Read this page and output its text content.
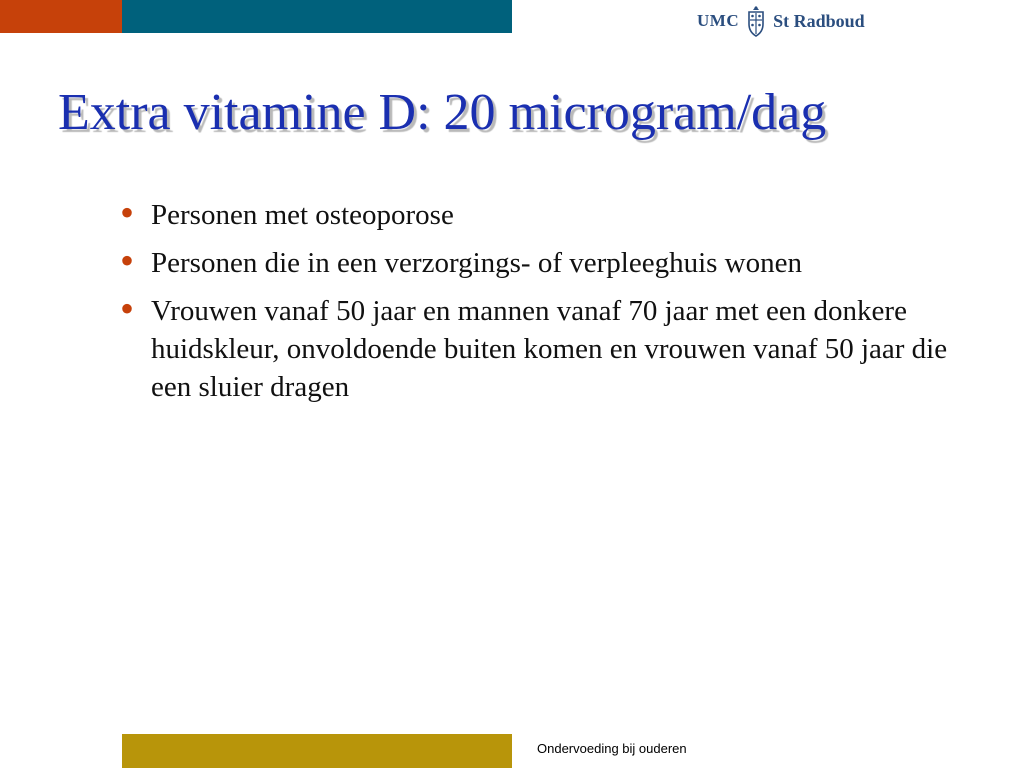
UMC St Radboud
Extra vitamine D: 20 microgram/dag
• Personen met osteoporose
• Personen die in een verzorgings- of verpleeghuis wonen
• Vrouwen vanaf 50 jaar en mannen vanaf 70 jaar met een donkere huidskleur, onvoldoende buiten komen en vrouwen vanaf 50 jaar die een sluier dragen
Ondervoeding bij ouderen
